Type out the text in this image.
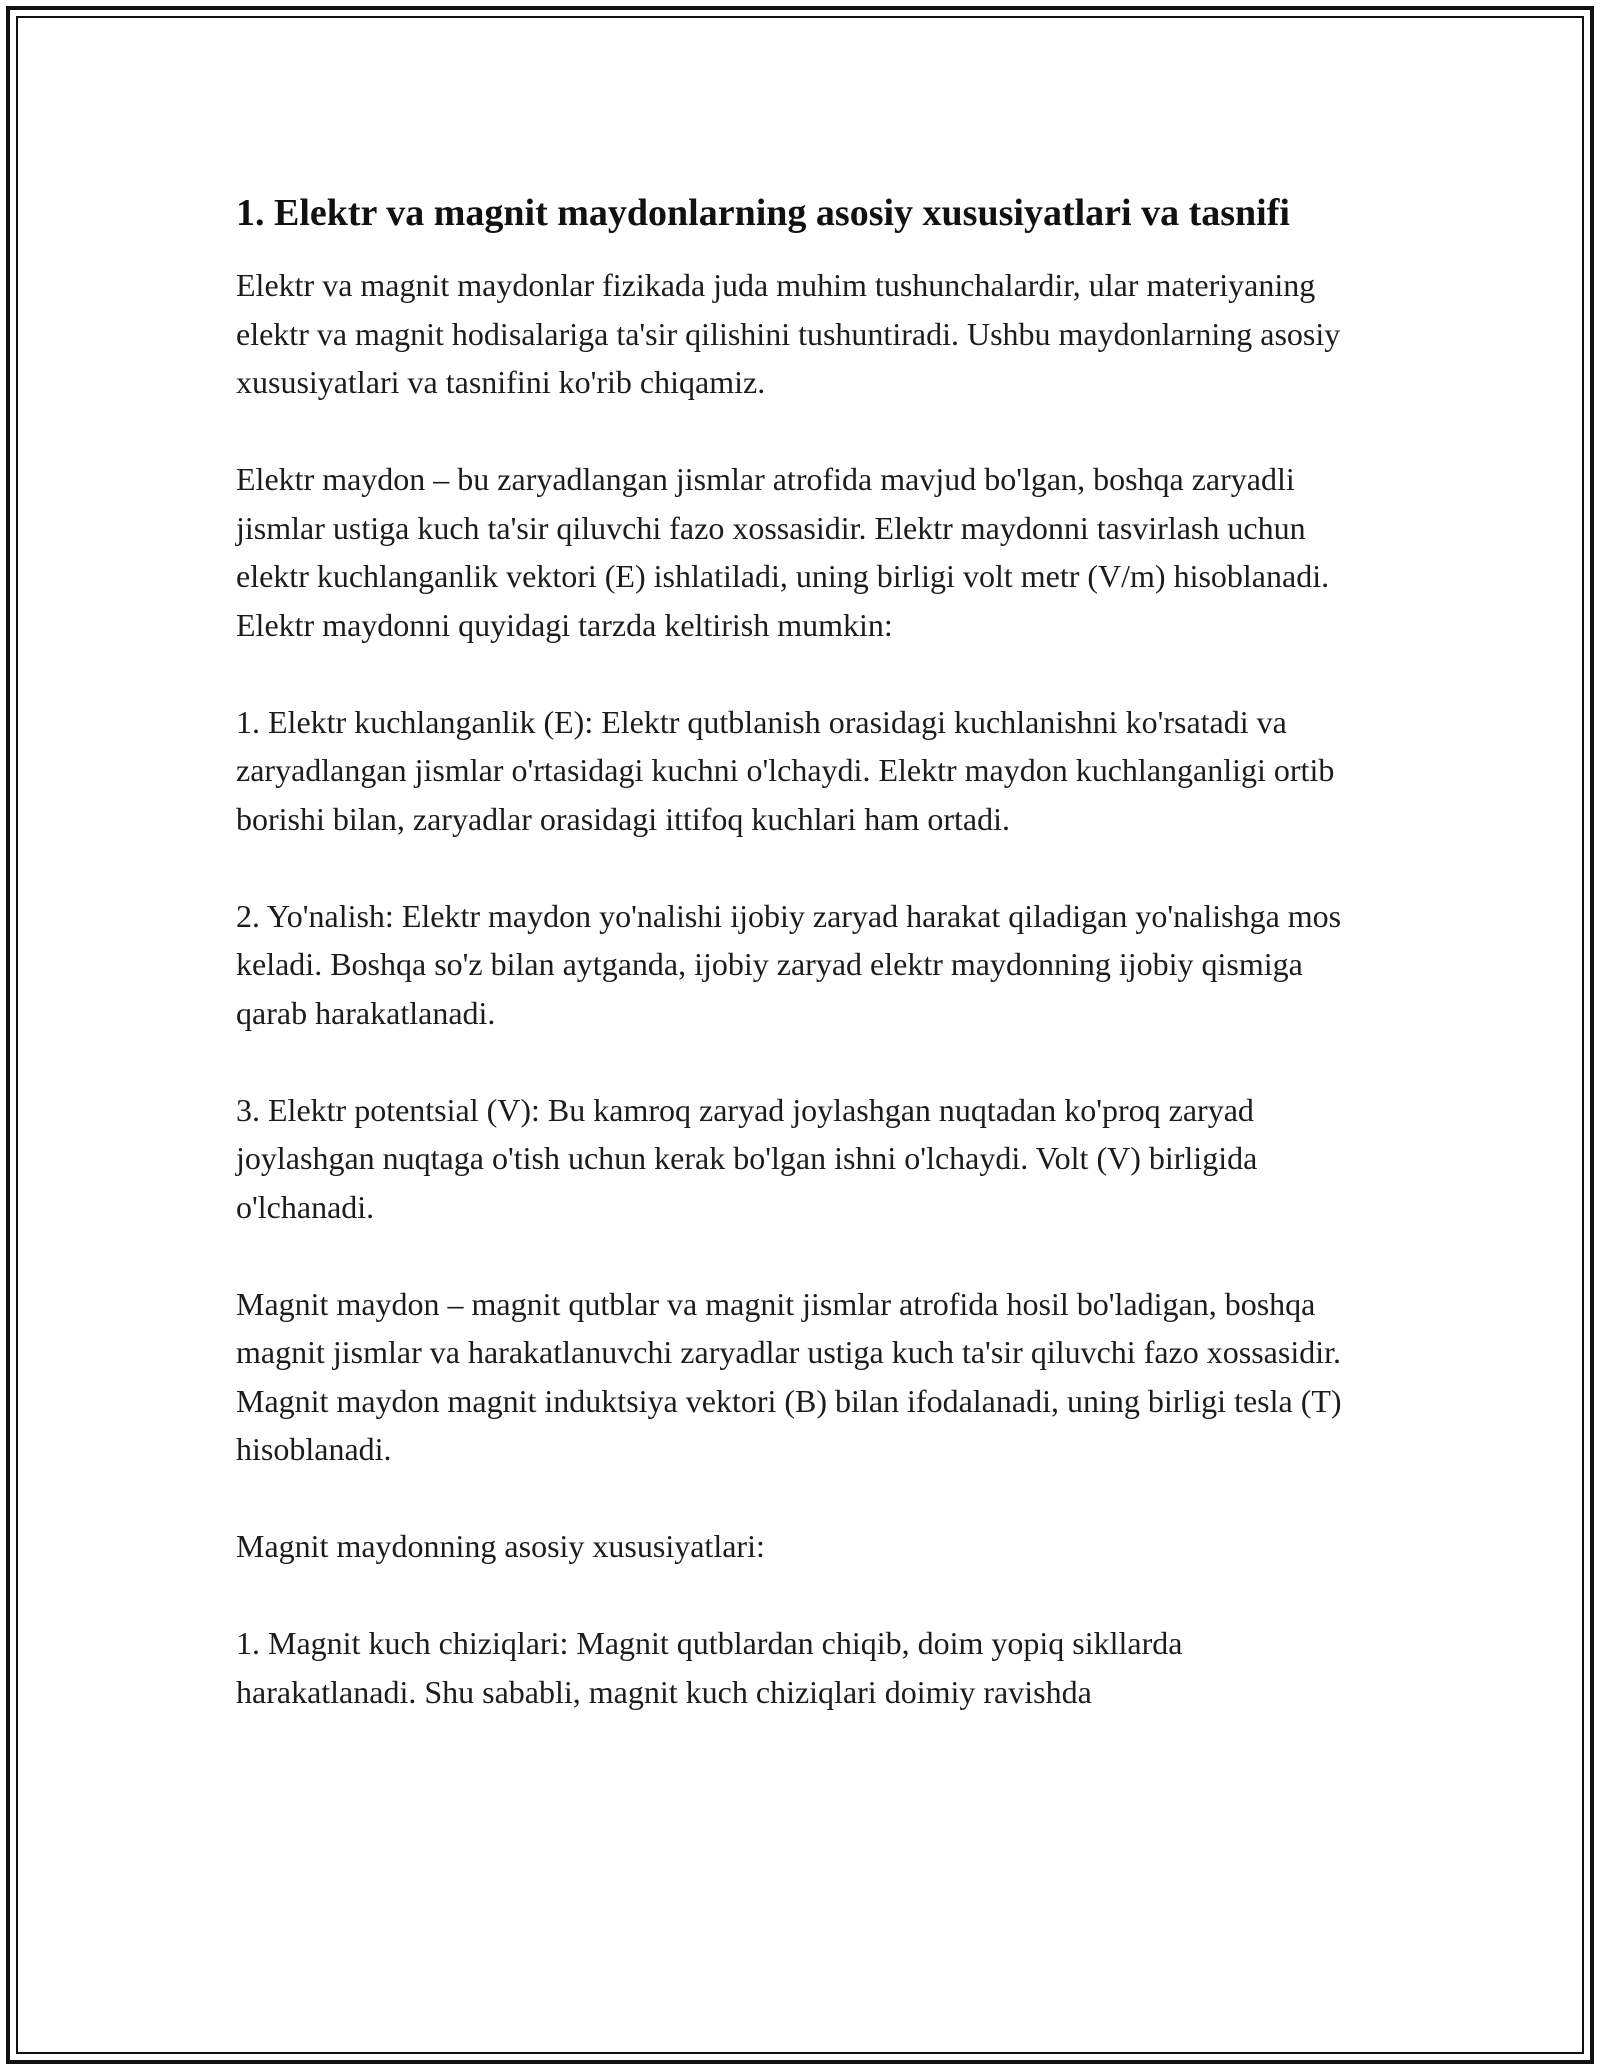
1. Elektr va magnit maydonlarning asosiy xususiyatlari va tasnifi

Elektr va magnit maydonlar fizikada juda muhim tushunchalardir, ular materiyaning elektr va magnit hodisalariga ta'sir qilishini tushuntiradi. Ushbu maydonlarning asosiy xususiyatlari va tasnifini ko'rib chiqamiz.

Elektr maydon – bu zaryadlangan jismlar atrofida mavjud bo'lgan, boshqa zaryadli jismlar ustiga kuch ta'sir qiluvchi fazo xossasidir. Elektr maydonni tasvirlash uchun elektr kuchlanganlik vektori (E) ishlatiladi, uning birligi volt metr (V/m) hisoblanadi. Elektr maydonni quyidagi tarzda keltirish mumkin:

1. Elektr kuchlanganlik (E): Elektr qutblanish orasidagi kuchlanishni ko'rsatadi va zaryadlangan jismlar o'rtasidagi kuchni o'lchaydi. Elektr maydon kuchlanganligi ortib borishi bilan, zaryadlar orasidagi ittifoq kuchlari ham ortadi.

2. Yo'nalish: Elektr maydon yo'nalishi ijobiy zaryad harakat qiladigan yo'nalishga mos keladi. Boshqa so'z bilan aytganda, ijobiy zaryad elektr maydonning ijobiy qismiga qarab harakatlanadi.

3. Elektr potentsial (V): Bu kamroq zaryad joylashgan nuqtadan ko'proq zaryad joylashgan nuqtaga o'tish uchun kerak bo'lgan ishni o'lchaydi. Volt (V) birligida o'lchanadi.

Magnit maydon – magnit qutblar va magnit jismlar atrofida hosil bo'ladigan, boshqa magnit jismlar va harakatlanuvchi zaryadlar ustiga kuch ta'sir qiluvchi fazo xossasidir. Magnit maydon magnit induktsiya vektori (B) bilan ifodalanadi, uning birligi tesla (T) hisoblanadi.

Magnit maydonning asosiy xususiyatlari:

1. Magnit kuch chiziqlari: Magnit qutblardan chiqib, doim yopiq sikllarda harakatlanadi. Shu sababli, magnit kuch chiziqlari doimiy ravishda
